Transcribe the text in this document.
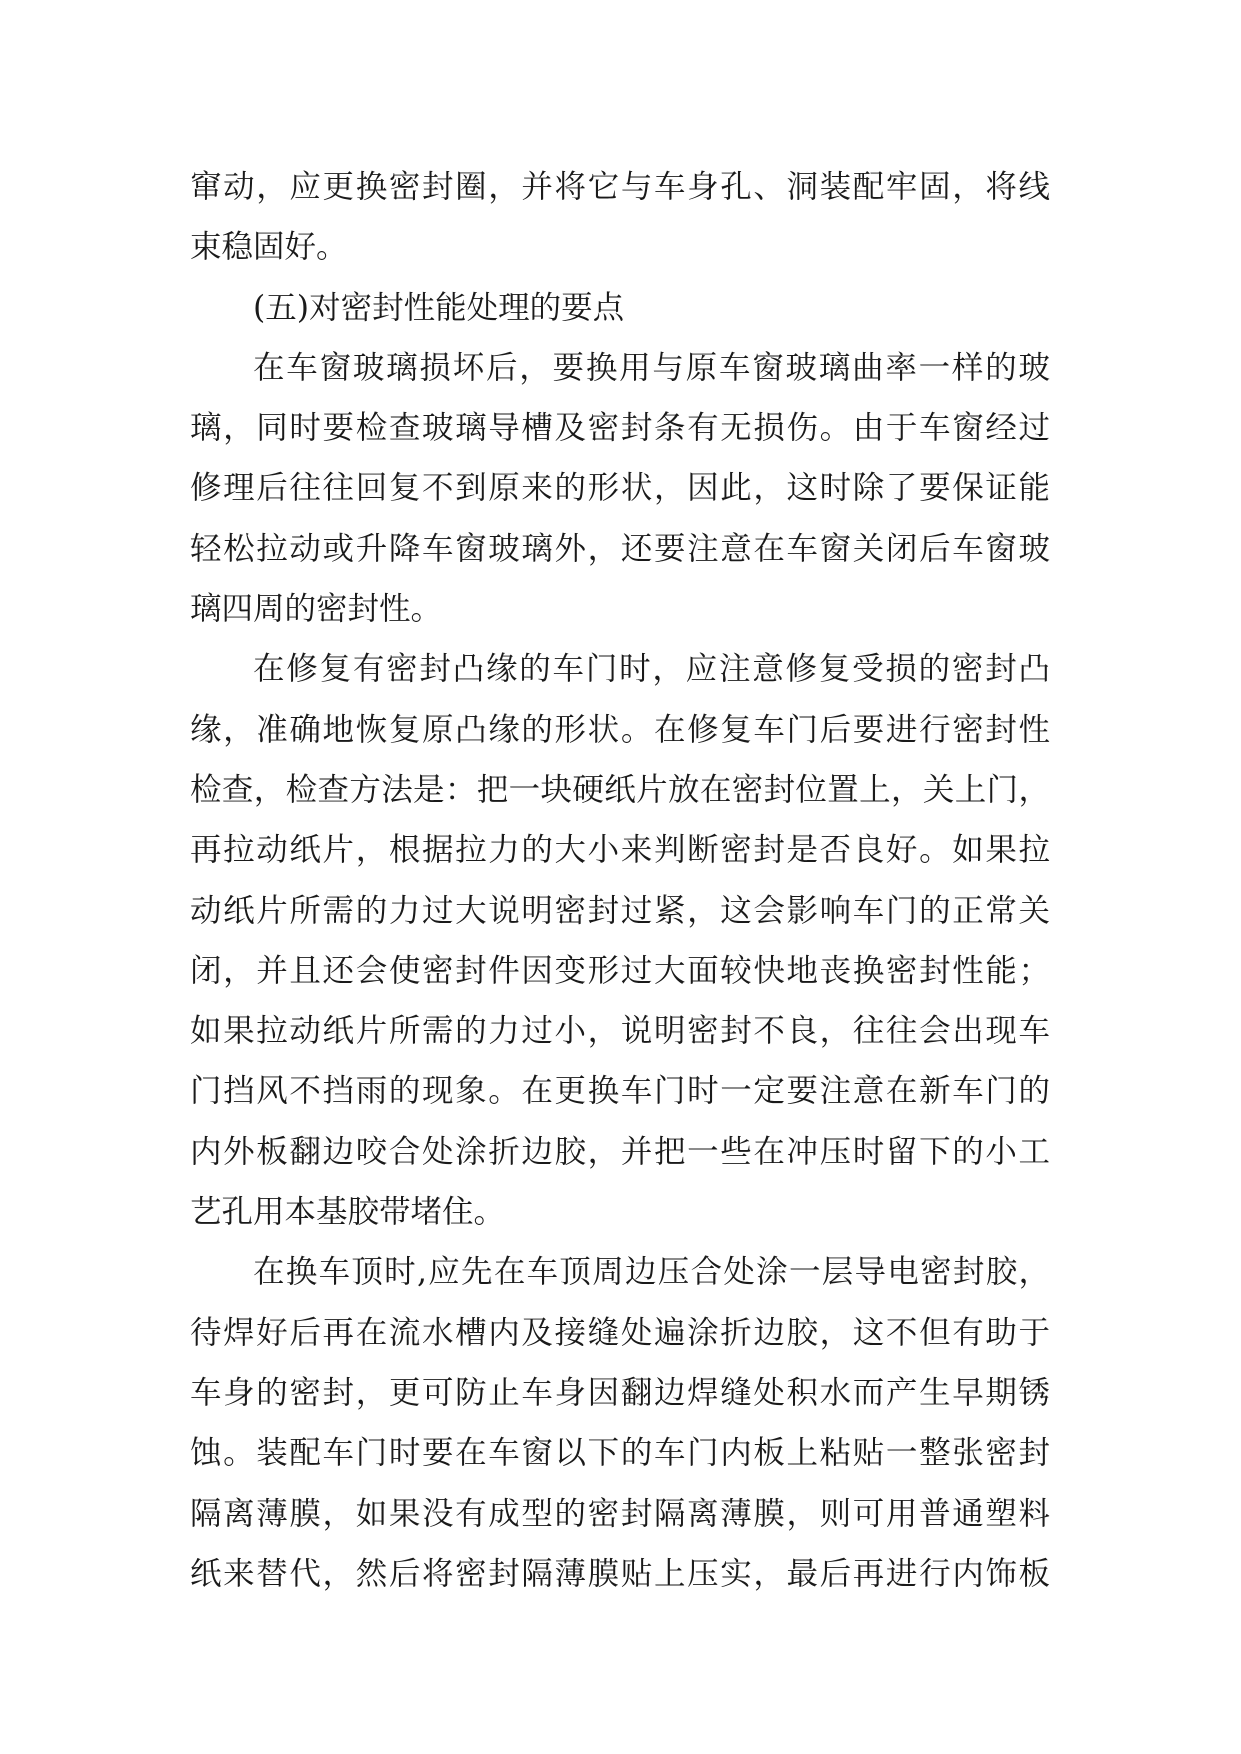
窜动，应更换密封圈，并将它与车身孔、洞装配牢固，将线
束稳固好。
(五)对密封性能处理的要点
在车窗玻璃损坏后，要换用与原车窗玻璃曲率一样的玻
璃，同时要检查玻璃导槽及密封条有无损伤。由于车窗经过
修理后往往回复不到原来的形状，因此，这时除了要保证能
轻松拉动或升降车窗玻璃外，还要注意在车窗关闭后车窗玻
璃四周的密封性。
在修复有密封凸缘的车门时，应注意修复受损的密封凸
缘，准确地恢复原凸缘的形状。在修复车门后要进行密封性
检查，检查方法是：把一块硬纸片放在密封位置上，关上门，
再拉动纸片，根据拉力的大小来判断密封是否良好。如果拉
动纸片所需的力过大说明密封过紧，这会影响车门的正常关
闭，并且还会使密封件因变形过大面较快地丧换密封性能；
如果拉动纸片所需的力过小，说明密封不良，往往会出现车
门挡风不挡雨的现象。在更换车门时一定要注意在新车门的
内外板翻边咬合处涂折边胶，并把一些在冲压时留下的小工
艺孔用本基胶带堵住。
在换车顶时,应先在车顶周边压合处涂一层导电密封胶，
待焊好后再在流水槽内及接缝处遍涂折边胶，这不但有助于
车身的密封，更可防止车身因翻边焊缝处积水而产生早期锈
蚀。装配车门时要在车窗以下的车门内板上粘贴一整张密封
隔离薄膜，如果没有成型的密封隔离薄膜，则可用普通塑料
纸来替代，然后将密封隔薄膜贴上压实，最后再进行内饰板
